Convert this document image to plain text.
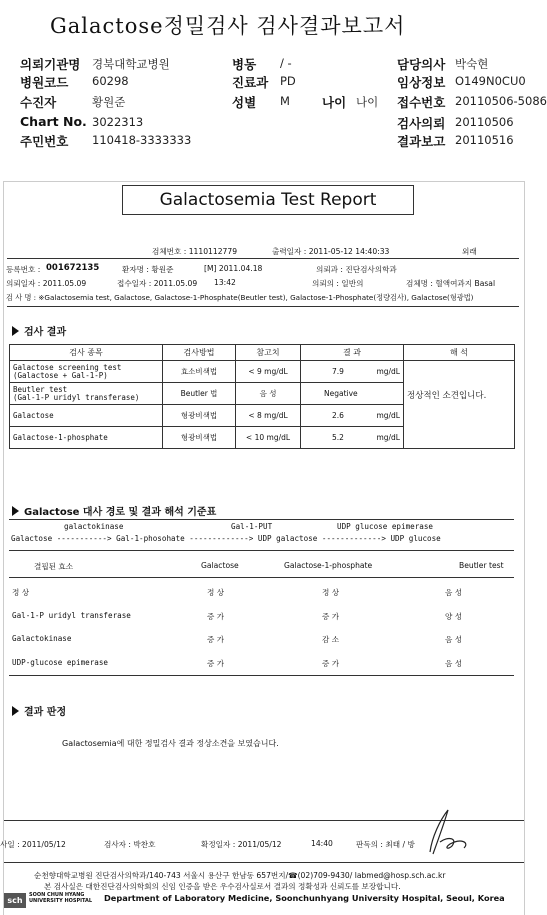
Galactose정밀검사 검사결과보고서
의뢰기관명 경북대학교병원
병원코드 60298
수진자	황원준
Chart No. 3022313
주민번호 110418-3333333
병동 / -
진료과 PD
성별 M	나이 나이
담당의사 박숙현
임상정보 O149N0CU0
접수번호 20110506-5086
검사의뢰 20110506
결과보고 20110516
Galactosemia Test Report
검체번호 : 1110112779	출력일자 : 2011-05-12 14:40:33	외래
등록번호 : 001672135	환자명 : 황원준	[M] 2011.04.18	의뢰과 : 진단검사의학과
의뢰일자 : 2011.05.09	접수일자 : 2011.05.09 13:42	의뢰의 : 일반의	검체명 : 혈액여과지 Basal
검 사 명 : ※Galactosemia test, Galactose, Galactose-1-Phosphate(Beutler test), Galactose-1-Phosphate(정량검사), Galactose(형광법)
검사 결과
검사 종목	검사방법	참고치	결 과	해 석
Galactose screening test
(Galactose + Gal-1-P)	효소비색법	< 9 mg/dL	7.9 mg/dL	정상적인 소견입니다.
Beutler test
(Gal-1-P uridyl transferase)	Beutler 법	음 성	Negative	
Galactose	형광비색법	< 8 mg/dL	2.6 mg/dL	

Galactose-1-phosphate	형광비색법	< 10 mg/dL	5.2 mg/dL	
Galactose 대사 경로 및 결과 해석 기준표
galactokinase	Gal-1-PUT	UDP glucose epimerase
Galactose -----------> Gal-1-phosohate -------------> UDP galactose -------------> UDP glucose
결핍된 효소	Galactose	Galactose-1-phosphate	Beutler test
정 상	정 상	정 상	음 성
Gal-1-P uridyl transferase	증 가	증 가	양 성
Galactokinase	증 가	감 소	음 성
UDP-glucose epimerase	증 가	증 가	음 성
결과 판정
Galactosemia에 대한 정밀검사 결과 정상소견을 보였습니다.
사일 : 2011/05/12	검사자 : 박찬호	확정일자 : 2011/05/12	14:40	판독의 : 최태 / 방
순천향대학교병원 진단검사의학과/140-743 서울시 용산구 한남동 657번지/☎(02)709-9430/ labmed@hosp.sch.ac.kr
본 검사실은 대한진단검사의학회의 신임 인증을 받은 우수검사실로서 결과의 정확성과 신뢰도를 보장합니다.
sch
SOON CHUN HYANG
UNIVERSITY HOSPITAL Department of Laboratory Medicine, Soonchunhyang University Hospital, Seoul, Korea
